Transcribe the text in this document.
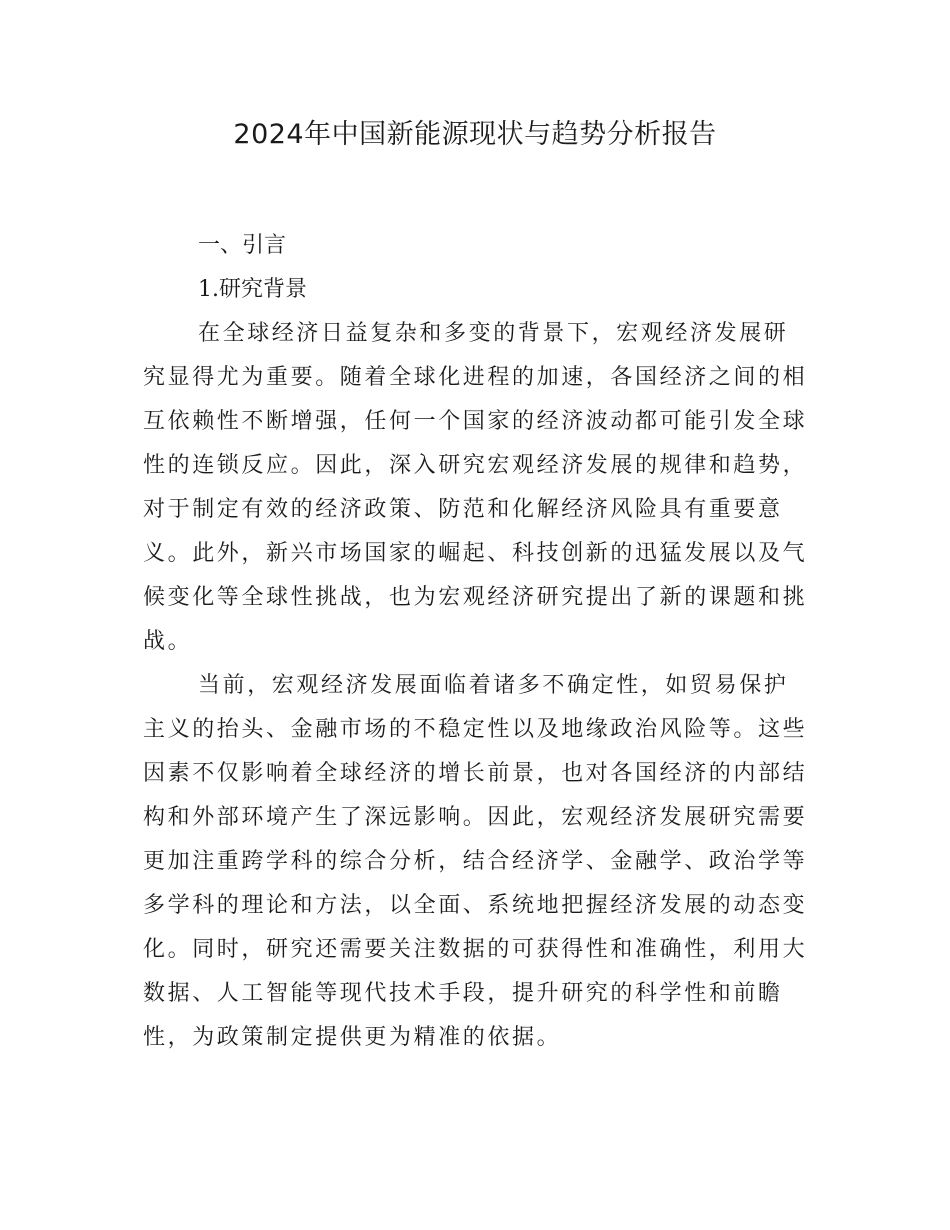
2024年中国新能源现状与趋势分析报告
一、引言
1.研究背景
在全球经济日益复杂和多变的背景下，宏观经济发展研
究显得尤为重要。随着全球化进程的加速，各国经济之间的相
互依赖性不断增强，任何一个国家的经济波动都可能引发全球
性的连锁反应。因此，深入研究宏观经济发展的规律和趋势，
对于制定有效的经济政策、防范和化解经济风险具有重要意
义。此外，新兴市场国家的崛起、科技创新的迅猛发展以及气
候变化等全球性挑战，也为宏观经济研究提出了新的课题和挑
战。
当前，宏观经济发展面临着诸多不确定性，如贸易保护
主义的抬头、金融市场的不稳定性以及地缘政治风险等。这些
因素不仅影响着全球经济的增长前景，也对各国经济的内部结
构和外部环境产生了深远影响。因此，宏观经济发展研究需要
更加注重跨学科的综合分析，结合经济学、金融学、政治学等
多学科的理论和方法，以全面、系统地把握经济发展的动态变
化。同时，研究还需要关注数据的可获得性和准确性，利用大
数据、人工智能等现代技术手段，提升研究的科学性和前瞻
性，为政策制定提供更为精准的依据。
